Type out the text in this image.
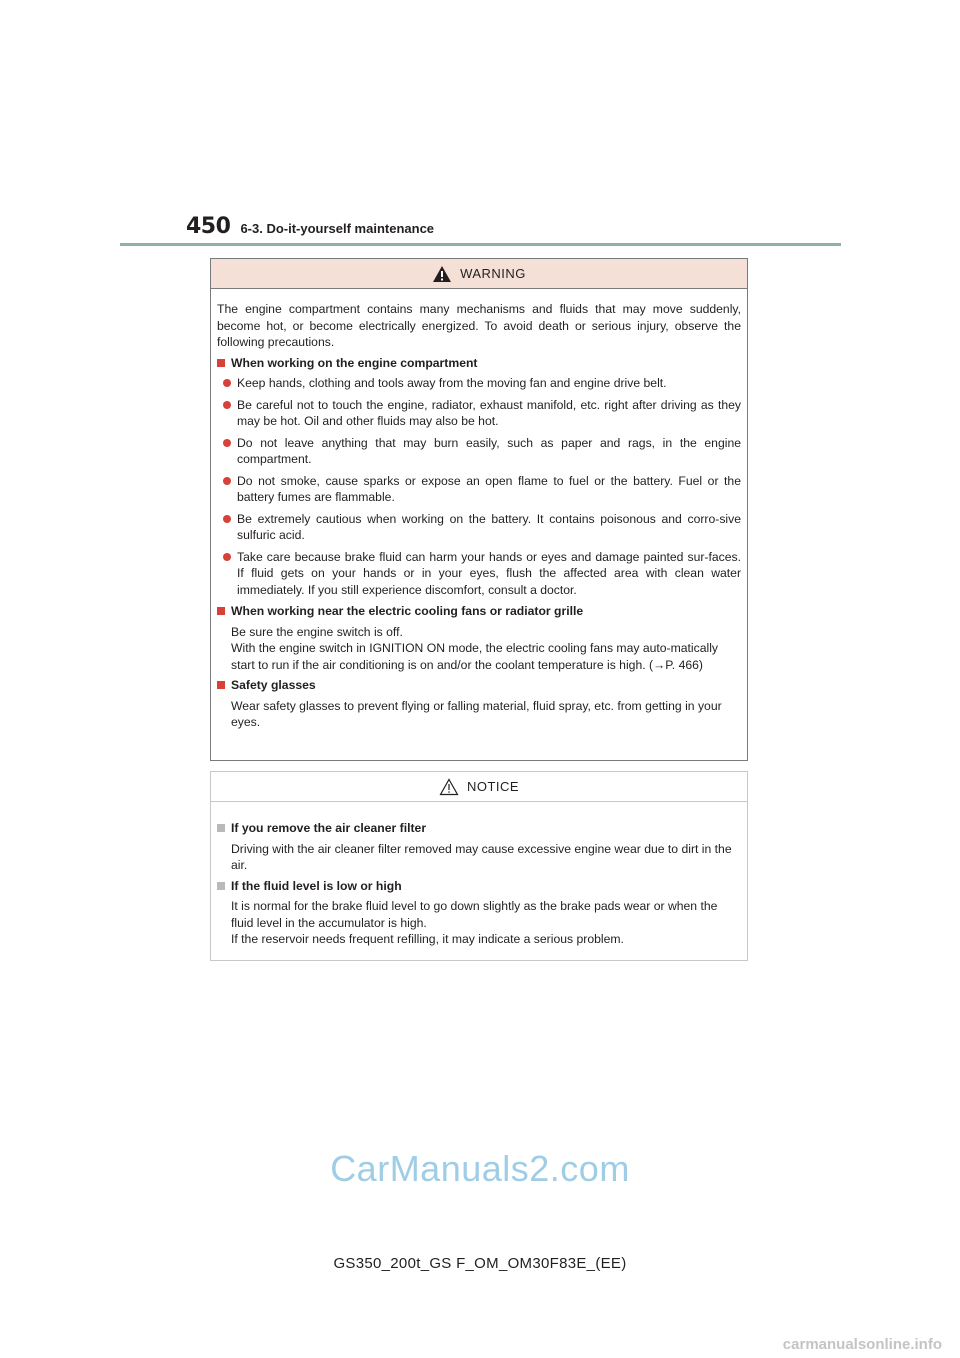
450 6-3. Do-it-yourself maintenance
WARNING

The engine compartment contains many mechanisms and fluids that may move suddenly, become hot, or become electrically energized. To avoid death or serious injury, observe the following precautions.

When working on the engine compartment
Keep hands, clothing and tools away from the moving fan and engine drive belt.
Be careful not to touch the engine, radiator, exhaust manifold, etc. right after driving as they may be hot. Oil and other fluids may also be hot.
Do not leave anything that may burn easily, such as paper and rags, in the engine compartment.
Do not smoke, cause sparks or expose an open flame to fuel or the battery. Fuel or the battery fumes are flammable.
Be extremely cautious when working on the battery. It contains poisonous and corro-sive sulfuric acid.
Take care because brake fluid can harm your hands or eyes and damage painted sur-faces. If fluid gets on your hands or in your eyes, flush the affected area with clean water immediately. If you still experience discomfort, consult a doctor.
When working near the electric cooling fans or radiator grille

Be sure the engine switch is off.

With the engine switch in IGNITION ON mode, the electric cooling fans may auto-matically start to run if the air conditioning is on and/or the coolant temperature is high. (→P. 466)

Safety glasses

Wear safety glasses to prevent flying or falling material, fluid spray, etc. from getting in your eyes.

NOTICE
If you remove the air cleaner filter

Driving with the air cleaner filter removed may cause excessive engine wear due to dirt in the air.

If the fluid level is low or high

It is normal for the brake fluid level to go down slightly as the brake pads wear or when the fluid level in the accumulator is high.

If the reservoir needs frequent refilling, it may indicate a serious problem.

CarManuals2.com
GS350_200t_GS F_OM_OM30F83E_(EE)
carmanualsonline.info
